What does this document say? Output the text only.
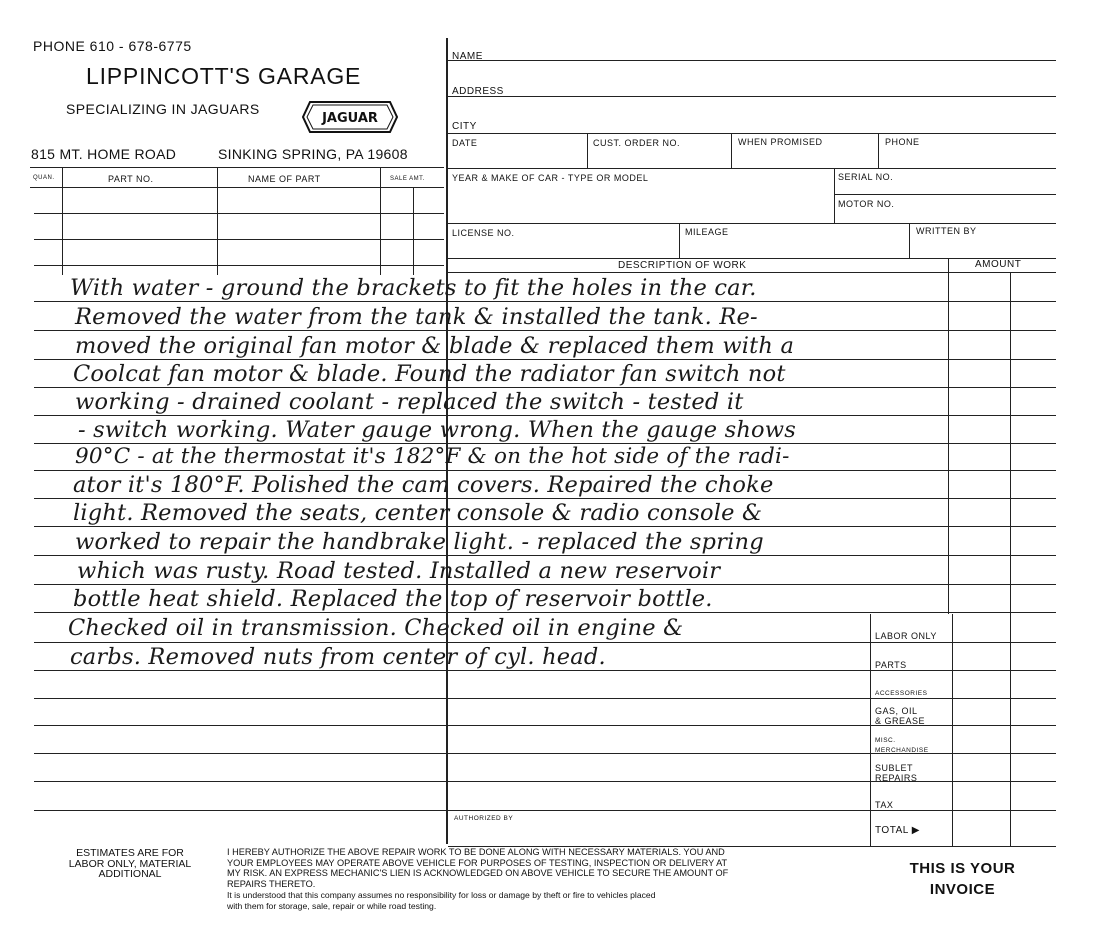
PHONE 610 - 678-6775
LIPPINCOTT'S GARAGE
SPECIALIZING IN JAGUARS
JAGUAR
815 MT. HOME ROAD	SINKING SPRING, PA 19608
QUAN.	PART NO.	NAME OF PART	SALE AMT.
NAME
ADDRESS
CITY
DATE	CUST. ORDER NO.	WHEN PROMISED	PHONE
YEAR & MAKE OF CAR - TYPE OR MODEL	SERIAL NO.
MOTOR NO.
LICENSE NO.	MILEAGE	WRITTEN BY
DESCRIPTION OF WORK	AMOUNT
With water - ground the brackets to fit the holes in the car.
Removed the water from the tank & installed the tank. Re-
moved the original fan motor & blade & replaced them with a
Coolcat fan motor & blade. Found the radiator fan switch not
working - drained coolant - replaced the switch - tested it
- switch working. Water gauge wrong. When the gauge shows
90°C - at the thermostat it's 182°F & on the hot side of the radi-
ator it's 180°F. Polished the cam covers. Repaired the choke
light. Removed the seats, center console & radio console &
worked to repair the handbrake light. - replaced the spring
which was rusty. Road tested. Installed a new reservoir
bottle heat shield. Replaced the top of reservoir bottle.
Checked oil in transmission. Checked oil in engine &
carbs. Removed nuts from center of cyl. head.
LABOR ONLY
PARTS
ACCESSORIES
GAS, OIL
& GREASE
MISC.
MERCHANDISE
SUBLET
REPAIRS
TAX
TOTAL ▶
AUTHORIZED BY
ESTIMATES ARE FOR
LABOR ONLY, MATERIAL
ADDITIONAL
I HEREBY AUTHORIZE THE ABOVE REPAIR WORK TO BE DONE ALONG WITH NECESSARY MATERIALS. YOU AND
YOUR EMPLOYEES MAY OPERATE ABOVE VEHICLE FOR PURPOSES OF TESTING, INSPECTION OR DELIVERY AT
MY RISK. AN EXPRESS MECHANIC'S LIEN IS ACKNOWLEDGED ON ABOVE VEHICLE TO SECURE THE AMOUNT OF
REPAIRS THERETO.
It is understood that this company assumes no responsibility for loss or damage by theft or fire to vehicles placed
with them for storage, sale, repair or while road testing.
THIS IS YOUR
INVOICE
